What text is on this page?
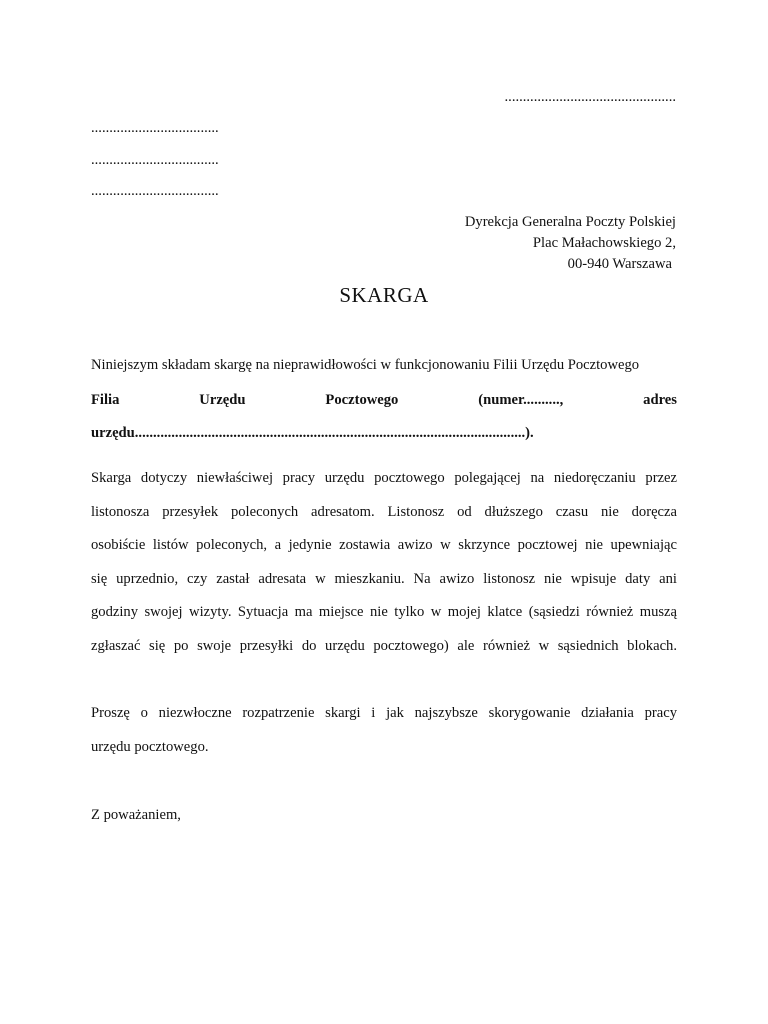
...............................................
...................................
...................................
...................................
Dyrekcja Generalna Poczty Polskiej
Plac Małachowskiego 2,
00-940 Warszawa
SKARGA
Niniejszym składam skargę na nieprawidłowości w funkcjonowaniu Filii Urzędu Pocztowego
Filia	Urzędu	Pocztowego	(numer..........,	adres
urzędu...........................................................................................................).
Skarga dotyczy niewłaściwej pracy urzędu pocztowego polegającej na niedoręczaniu przez
listonosza przesyłek poleconych adresatom. Listonosz od dłuższego czasu nie doręcza
osobiście listów poleconych, a jedynie zostawia awizo w skrzynce pocztowej nie upewniając
się uprzednio, czy zastał adresata w mieszkaniu. Na awizo listonosz nie wpisuje daty ani
godziny swojej wizyty. Sytuacja ma miejsce nie tylko w mojej klatce (sąsiedzi również muszą
zgłaszać się po swoje przesyłki do urzędu pocztowego) ale również w sąsiednich blokach.
Proszę o niezwłoczne rozpatrzenie skargi i jak najszybsze skorygowanie działania pracy
urzędu pocztowego.
Z poważaniem,
